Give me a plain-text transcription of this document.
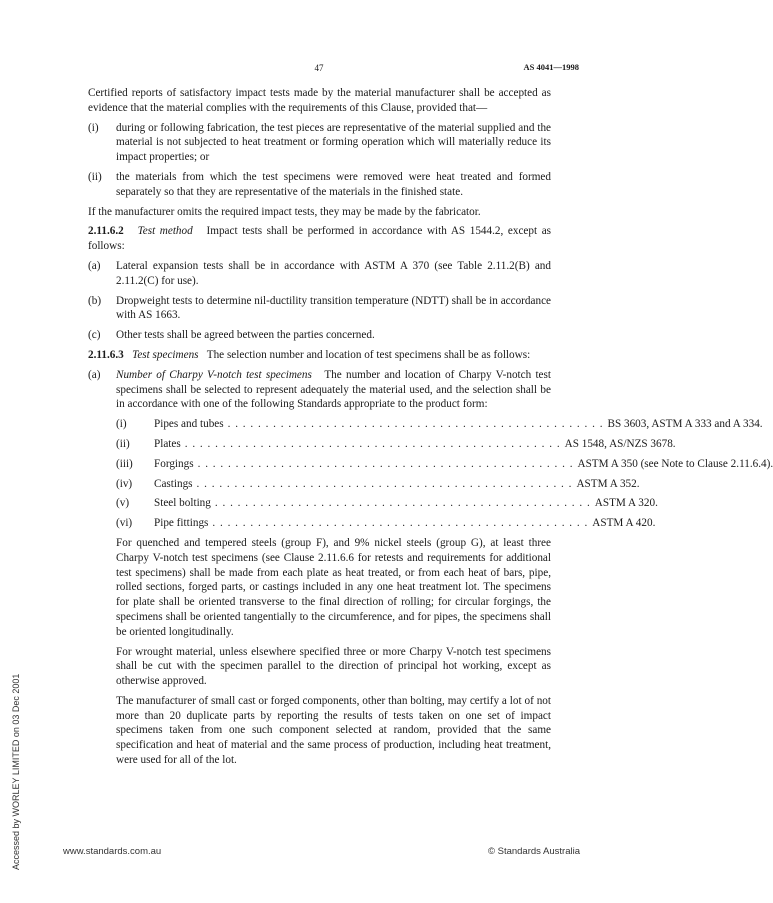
47	AS 4041—1998
Accessed by WORLEY LIMITED on 03 Dec 2001

Certified reports of satisfactory impact tests made by the material manufacturer shall be accepted as evidence that the material complies with the requirements of this Clause, provided that—

(i)	during or following fabrication, the test pieces are representative of the material supplied and the material is not subjected to heat treatment or forming operation which will materially reduce its impact properties; or
(ii)	the materials from which the test specimens were removed were heat treated and formed separately so that they are representative of the materials in the finished state.

If the manufacturer omits the required impact tests, they may be made by the fabricator.

2.11.6.2 Test method Impact tests shall be performed in accordance with AS 1544.2, except as follows:

(a)	Lateral expansion tests shall be in accordance with ASTM A 370 (see Table 2.11.2(B) and 2.11.2(C) for use).
(b)	Dropweight tests to determine nil-ductility transition temperature (NDTT) shall be in accordance with AS 1663.
(c)	Other tests shall be agreed between the parties concerned.

2.11.6.3 Test specimens The selection number and location of test specimens shall be as follows:

(a)	Number of Charpy V-notch test specimens The number and location of Charpy V-notch test specimens shall be selected to represent adequately the material used, and the selection shall be in accordance with one of the following Standards appropriate to the product form:
(i)	Pipes and tubes . . . . . . . . . . . . . . . . . . . . . . . . . . . . . . . . . . . . . . . . . . . . . . . . . . BS 3603, ASTM A 333 and A 334.
(ii)	Plates . . . . . . . . . . . . . . . . . . . . . . . . . . . . . . . . . . . . . . . . . . . . . . . . . . AS 1548, AS/NZS 3678.
(iii)	Forgings . . . . . . . . . . . . . . . . . . . . . . . . . . . . . . . . . . . . . . . . . . . . . . . . . . ASTM A 350 (see Note to Clause 2.11.6.4).
(iv)	Castings . . . . . . . . . . . . . . . . . . . . . . . . . . . . . . . . . . . . . . . . . . . . . . . . . . ASTM A 352.
(v)	Steel bolting . . . . . . . . . . . . . . . . . . . . . . . . . . . . . . . . . . . . . . . . . . . . . . . . . . ASTM A 320.
(vi)	Pipe fittings . . . . . . . . . . . . . . . . . . . . . . . . . . . . . . . . . . . . . . . . . . . . . . . . . . ASTM A 420.

For quenched and tempered steels (group F), and 9% nickel steels (group G), at least three Charpy V-notch test specimens (see Clause 2.11.6.6 for retests and requirements for additional test specimens) shall be made from each plate as heat treated, or from each heat of bars, pipe, rolled sections, forged parts, or castings included in any one heat treatment lot. The specimens for plate shall be oriented transverse to the final direction of rolling; for circular forgings, the specimens shall be oriented tangentially to the circumference, and for pipes, the specimens shall be oriented longitudinally.

For wrought material, unless elsewhere specified three or more Charpy V-notch test specimens shall be cut with the specimen parallel to the direction of principal hot working, except as otherwise approved.

The manufacturer of small cast or forged components, other than bolting, may certify a lot of not more than 20 duplicate parts by reporting the results of tests taken on one set of impact specimens taken from one such component selected at random, provided that the same specification and heat of material and the same process of production, including heat treatment, were used for all of the lot.

www.standards.com.au	© Standards Australia
